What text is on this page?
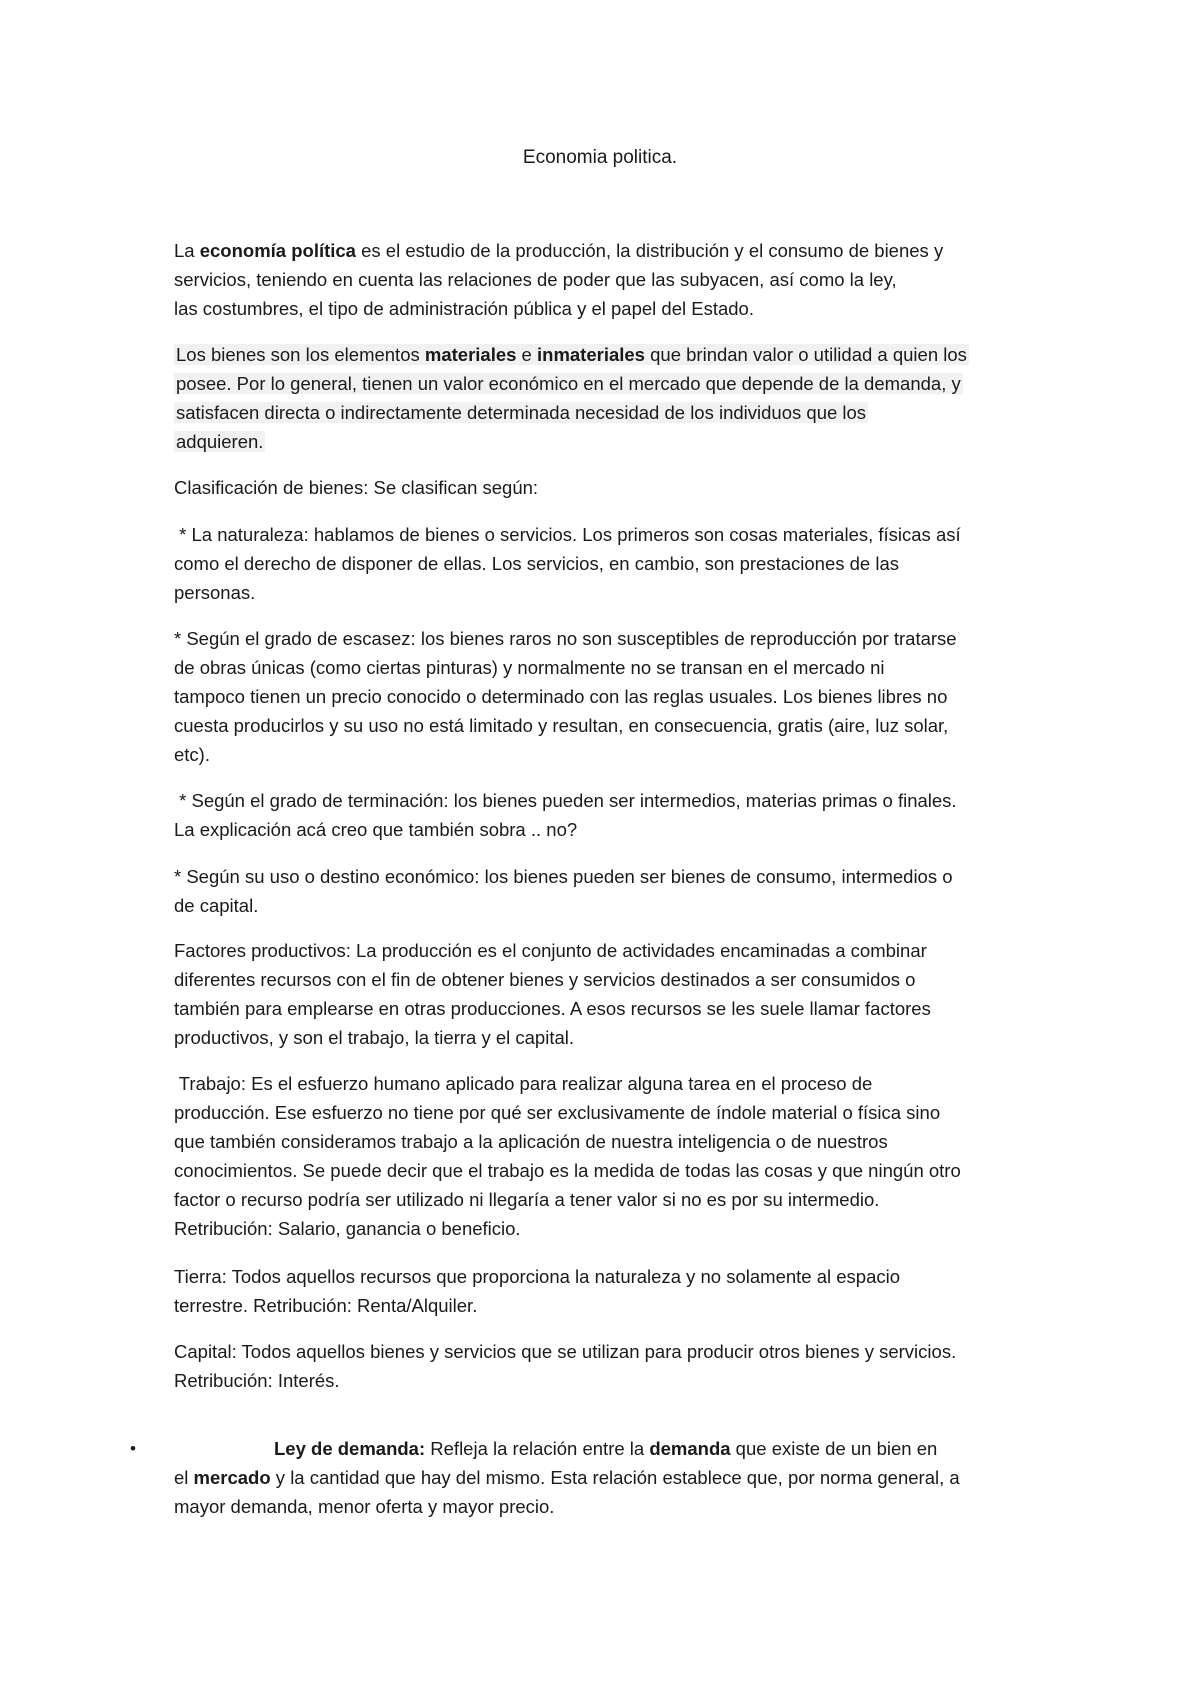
Economia politica.
La economía política es el estudio de la producción, la distribución y el consumo de bienes y
servicios, teniendo en cuenta las relaciones de poder que las subyacen, así como la ley,
las costumbres, el tipo de administración pública y el papel del Estado.
Los bienes son los elementos materiales e inmateriales que brindan valor o utilidad a quien los
posee. Por lo general, tienen un valor económico en el mercado que depende de la demanda, y
satisfacen directa o indirectamente determinada necesidad de los individuos que los
adquieren.
Clasificación de bienes: Se clasifican según:
* La naturaleza: hablamos de bienes o servicios. Los primeros son cosas materiales, físicas así
como el derecho de disponer de ellas. Los servicios, en cambio, son prestaciones de las
personas.
* Según el grado de escasez: los bienes raros no son susceptibles de reproducción por tratarse
de obras únicas (como ciertas pinturas) y normalmente no se transan en el mercado ni
tampoco tienen un precio conocido o determinado con las reglas usuales. Los bienes libres no
cuesta producirlos y su uso no está limitado y resultan, en consecuencia, gratis (aire, luz solar,
etc).
* Según el grado de terminación: los bienes pueden ser intermedios, materias primas o finales.
La explicación acá creo que también sobra .. no?
* Según su uso o destino económico: los bienes pueden ser bienes de consumo, intermedios o
de capital.
Factores productivos: La producción es el conjunto de actividades encaminadas a combinar
diferentes recursos con el fin de obtener bienes y servicios destinados a ser consumidos o
también para emplearse en otras producciones. A esos recursos se les suele llamar factores
productivos, y son el trabajo, la tierra y el capital.
Trabajo: Es el esfuerzo humano aplicado para realizar alguna tarea en el proceso de
producción. Ese esfuerzo no tiene por qué ser exclusivamente de índole material o física sino
que también consideramos trabajo a la aplicación de nuestra inteligencia o de nuestros
conocimientos. Se puede decir que el trabajo es la medida de todas las cosas y que ningún otro
factor o recurso podría ser utilizado ni llegaría a tener valor si no es por su intermedio.
Retribución: Salario, ganancia o beneficio.
Tierra: Todos aquellos recursos que proporciona la naturaleza y no solamente al espacio
terrestre. Retribución: Renta/Alquiler.
Capital: Todos aquellos bienes y servicios que se utilizan para producir otros bienes y servicios.
Retribución: Interés.
•	Ley de demanda: Refleja la relación entre la demanda que existe de un bien en
el mercado y la cantidad que hay del mismo. Esta relación establece que, por norma general, a
mayor demanda, menor oferta y mayor precio.
